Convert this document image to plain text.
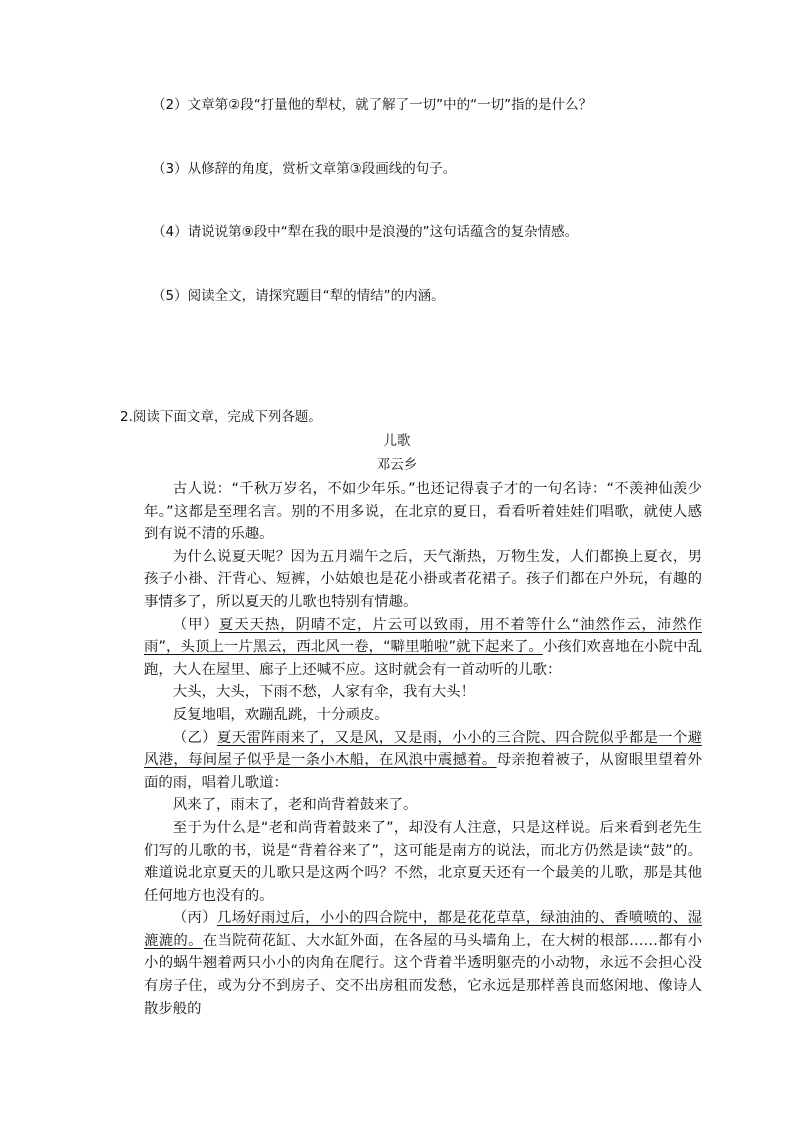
（2）文章第②段“打量他的犁杖，就了解了一切”中的“一切”指的是什么？
（3）从修辞的角度，赏析文章第③段画线的句子。
（4）请说说第⑨段中“犁在我的眼中是浪漫的”这句话蕴含的复杂情感。
（5）阅读全文，请探究题目“犁的情结”的内涵。
2.阅读下面文章，完成下列各题。
儿歌
邓云乡

古人说：“千秋万岁名，不如少年乐。”也还记得袁子才的一句名诗：“不羡神仙羡少年。”这都是至理名言。别的不用多说，在北京的夏日，看看听着娃娃们唱歌，就使人感到有说不清的乐趣。

为什么说夏天呢？因为五月端午之后，天气渐热，万物生发，人们都换上夏衣，男孩子小褂、汗背心、短裤，小姑娘也是花小褂或者花裙子。孩子们都在户外玩，有趣的事情多了，所以夏天的儿歌也特别有情趣。

（甲）夏天天热，阴晴不定，片云可以致雨，用不着等什么“油然作云，沛然作雨”，头顶上一片黑云，西北风一卷，“噼里啪啦”就下起来了。小孩们欢喜地在小院中乱跑，大人在屋里、廊子上还喊不应。这时就会有一首动听的儿歌：

大头，大头，下雨不愁，人家有伞，我有大头！

反复地唱，欢蹦乱跳，十分顽皮。

（乙）夏天雷阵雨来了，又是风，又是雨，小小的三合院、四合院似乎都是一个避风港，每间屋子似乎是一条小木船，在风浪中震撼着。母亲抱着被子，从窗眼里望着外面的雨，唱着儿歌道：

风来了，雨末了，老和尚背着鼓来了。

至于为什么是“老和尚背着鼓来了”，却没有人注意，只是这样说。后来看到老先生们写的儿歌的书，说是“背着谷来了”，这可能是南方的说法，而北方仍然是读“鼓”的。难道说北京夏天的儿歌只是这两个吗？不然，北京夏天还有一个最美的儿歌，那是其他任何地方也没有的。

（丙）几场好雨过后，小小的四合院中，都是花花草草，绿油油的、香喷喷的、湿漉漉的。在当院荷花缸、大水缸外面，在各屋的马头墙角上，在大树的根部……都有小小的蜗牛翘着两只小小的肉角在爬行。这个背着半透明躯壳的小动物，永远不会担心没有房子住，或为分不到房子、交不出房租而发愁，它永远是那样善良而悠闲地、像诗人散步般的
